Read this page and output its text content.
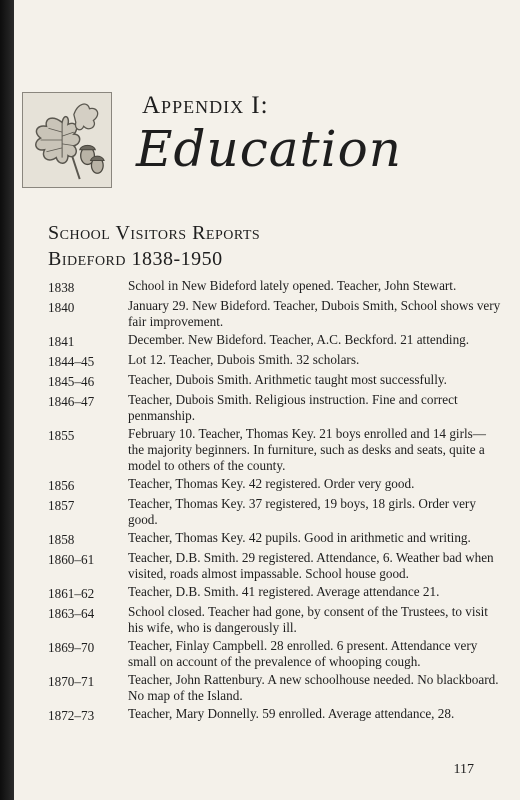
Appendix I:
Education
School Visitors Reports
Bideford 1838-1950
1838	School in New Bideford lately opened. Teacher, John Stewart.
1840	January 29. New Bideford. Teacher, Dubois Smith, School shows very fair improvement.
1841	December. New Bideford. Teacher, A.C. Beckford. 21 attending.
1844–45	Lot 12. Teacher, Dubois Smith. 32 scholars.
1845–46	Teacher, Dubois Smith. Arithmetic taught most successfully.
1846–47	Teacher, Dubois Smith. Religious instruction. Fine and correct penmanship.
1855	February 10. Teacher, Thomas Key. 21 boys enrolled and 14 girls—the majority beginners. In furniture, such as desks and seats, quite a model to others of the county.
1856	Teacher, Thomas Key. 42 registered. Order very good.
1857	Teacher, Thomas Key. 37 registered, 19 boys, 18 girls. Order very good.
1858	Teacher, Thomas Key. 42 pupils. Good in arithmetic and writing.
1860–61	Teacher, D.B. Smith. 29 registered. Attendance, 6. Weather bad when visited, roads almost impassable. School house good.
1861–62	Teacher, D.B. Smith. 41 registered. Average attendance 21.
1863–64	School closed. Teacher had gone, by consent of the Trustees, to visit his wife, who is dangerously ill.
1869–70	Teacher, Finlay Campbell. 28 enrolled. 6 present. Attendance very small on account of the prevalence of whooping cough.
1870–71	Teacher, John Rattenbury. A new schoolhouse needed. No blackboard. No map of the Island.
1872–73	Teacher, Mary Donnelly. 59 enrolled. Average attendance, 28.
117
